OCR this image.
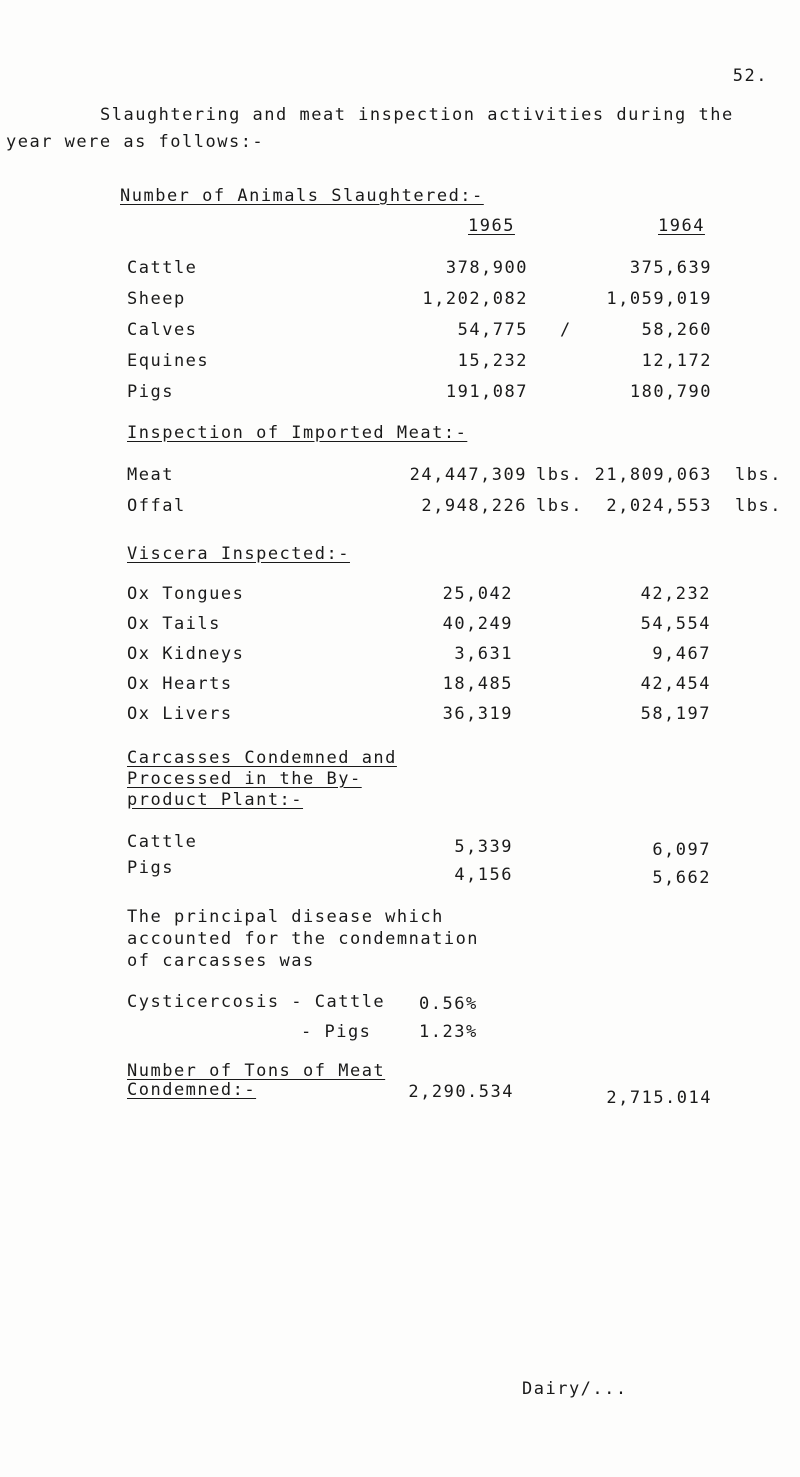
52.
Slaughtering and meat inspection activities during the
year were as follows:-
Number of Animals Slaughtered:-
1965	1964
Cattle	378,900	375,639
Sheep	1,202,082	1,059,019
Calves	54,775 /	58,260
Equines	15,232	12,172
Pigs	191,087	180,790
Inspection of Imported Meat:-
Meat	24,447,309 lbs. 21,809,063 lbs.
Offal	2,948,226 lbs. 2,024,553 lbs.
Viscera Inspected:-
Ox Tongues	25,042	42,232
Ox Tails	40,249	54,554
Ox Kidneys	3,631	9,467
Ox Hearts	18,485	42,454
Ox Livers	36,319	58,197
Carcasses Condemned and
Processed in the By-
product Plant:-
Cattle	5,339	6,097
Pigs	4,156	5,662
The principal disease which
accounted for the condemnation
of carcasses was
Cysticercosis - Cattle 0.56%
- Pigs	1.23%
Number of Tons of Meat
Condemned:-	2,290.534	2,715.014
Dairy/...
